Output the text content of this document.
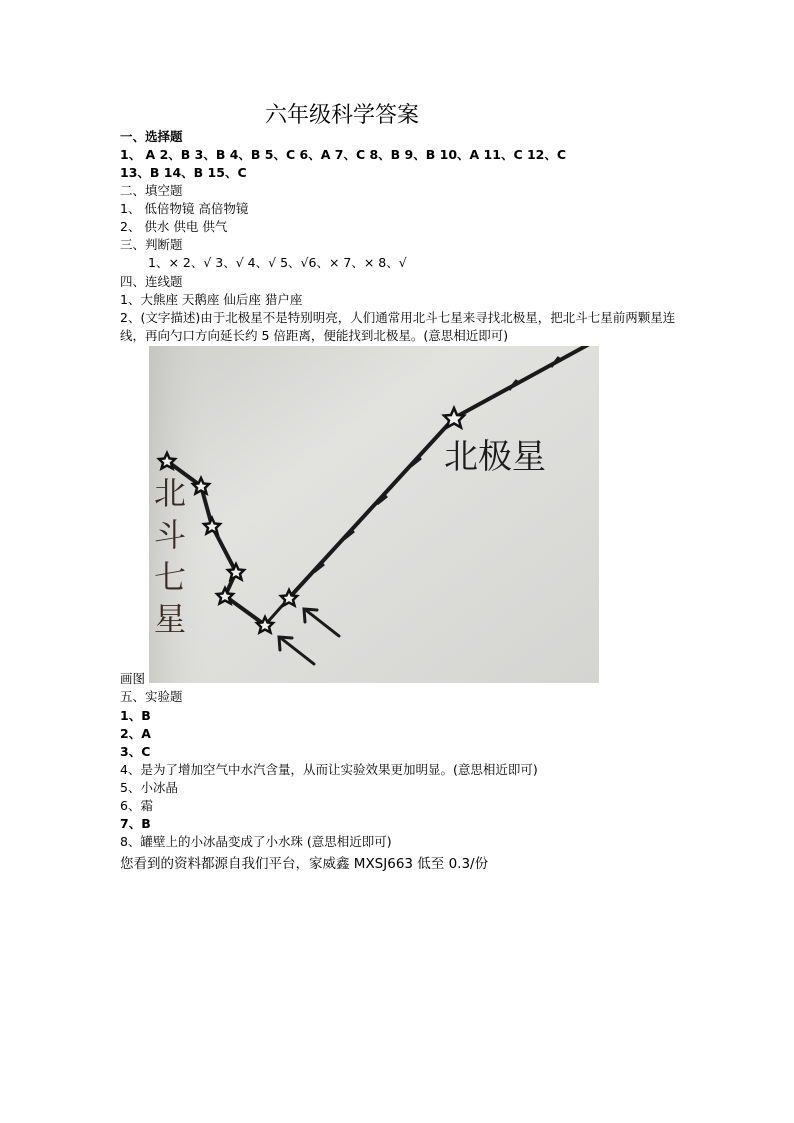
六年级科学答案
一、选择题
1、 A 2、B 3、B 4、B 5、C 6、A 7、C 8、B 9、B 10、A 11、C 12、C
13、B 14、B 15、C
二、填空题
1、 低倍物镜 高倍物镜
2、 供水 供电 供气
三、判断题
1、× 2、√ 3、√ 4、√ 5、√6、× 7、× 8、√
四、连线题
1、大熊座 天鹅座 仙后座 猎户座
2、(文字描述)由于北极星不是特别明亮，人们通常用北斗七星来寻找北极星，把北斗七星前两颗星连线，再向勺口方向延长约 5 倍距离，便能找到北极星。(意思相近即可)
北极星
北
斗
七
星
画图
五、实验题
1、B
2、A
3、C
4、是为了增加空气中水汽含量，从而让实验效果更加明显。(意思相近即可)
5、小冰晶
6、霜
7、B
8、罐壁上的小冰晶变成了小水珠 (意思相近即可)
您看到的资料都源自我们平台，家威鑫 MXSJ663 低至 0.3/份
